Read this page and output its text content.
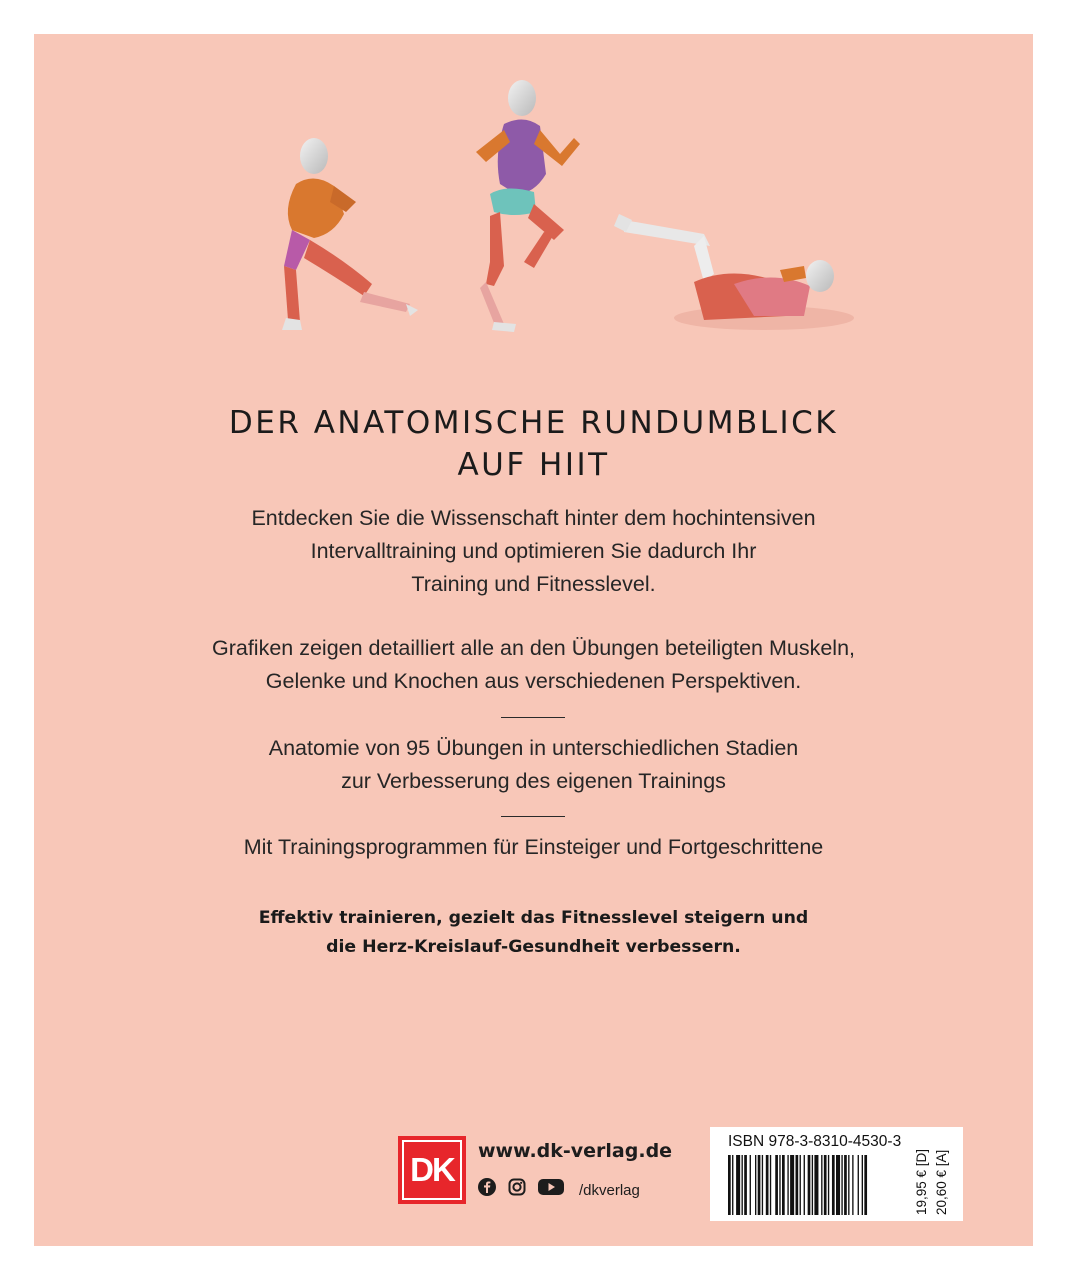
DER ANATOMISCHE RUNDUMBLICK
AUF HIIT
Entdecken Sie die Wissenschaft hinter dem hochintensiven
Intervalltraining und optimieren Sie dadurch Ihr
Training und Fitnesslevel.
Grafiken zeigen detailliert alle an den Übungen beteiligten Muskeln,
Gelenke und Knochen aus verschiedenen Perspektiven.
Anatomie von 95 Übungen in unterschiedlichen Stadien
zur Verbesserung des eigenen Trainings
Mit Trainingsprogrammen für Einsteiger und Fortgeschrittene
Effektiv trainieren, gezielt das Fitnesslevel steigern und
die Herz-Kreislauf-Gesundheit verbessern.
DK	www.dk-verlag.de
/dkverlag
ISBN 978-3-8310-4530-3
19,95 € [D] 20,60 € [A]
